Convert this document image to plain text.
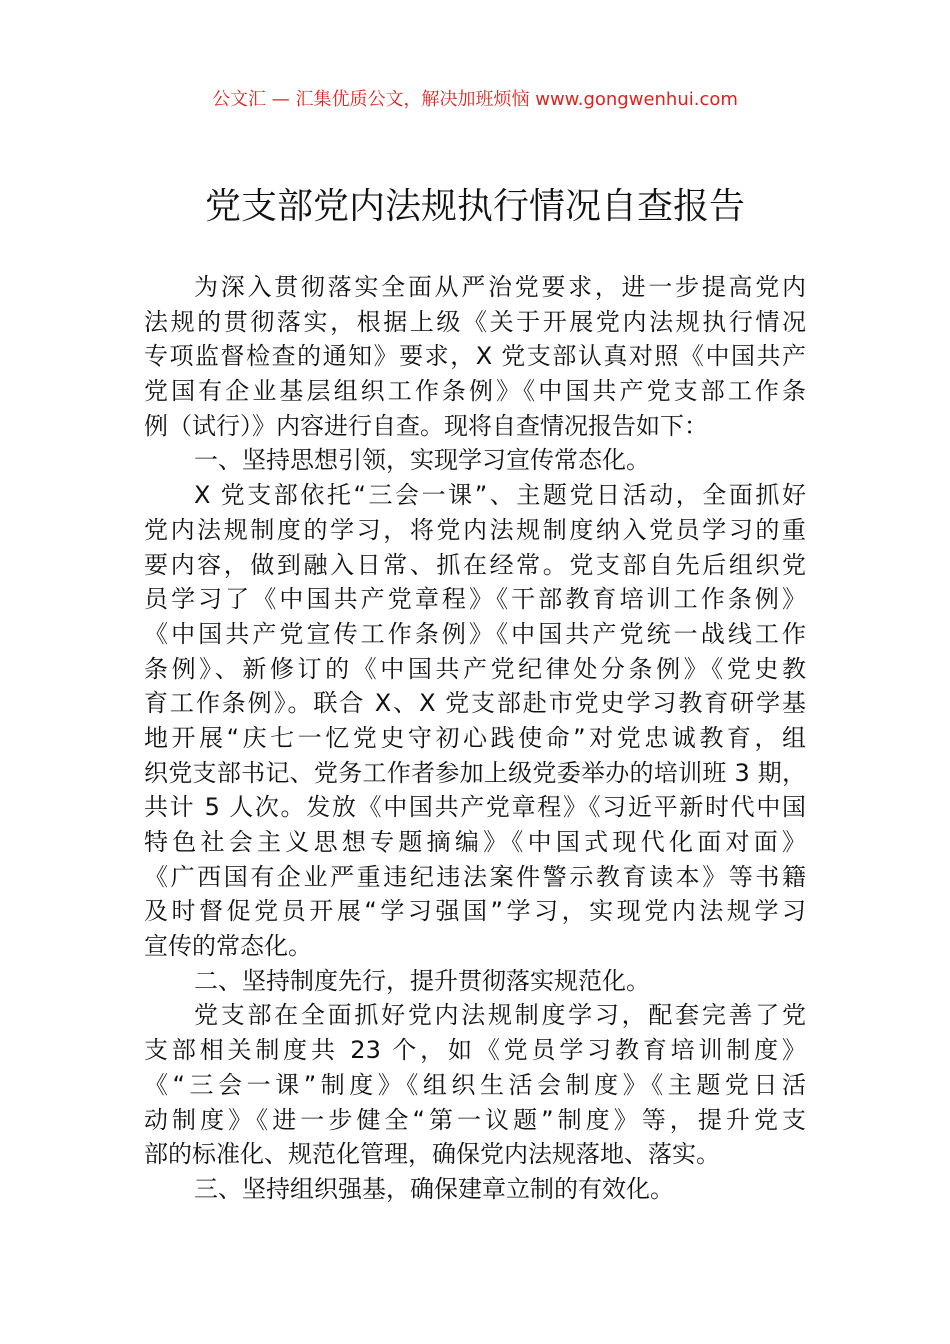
公文汇 — 汇集优质公文，解决加班烦恼 www.gongwenhui.com
党支部党内法规执行情况自查报告
为深入贯彻落实全面从严治党要求，进一步提高党内
法规的贯彻落实，根据上级《关于开展党内法规执行情况
专项监督检查的通知》要求，X 党支部认真对照《中国共产
党国有企业基层组织工作条例》《中国共产党支部工作条
例（试行）》内容进行自查。现将自查情况报告如下：
一、坚持思想引领，实现学习宣传常态化。
X 党支部依托“三会一课”、主题党日活动，全面抓好
党内法规制度的学习，将党内法规制度纳入党员学习的重
要内容，做到融入日常、抓在经常。党支部自先后组织党
员学习了《中国共产党章程》《干部教育培训工作条例》
《中国共产党宣传工作条例》《中国共产党统一战线工作
条例》、新修订的《中国共产党纪律处分条例》《党史教
育工作条例》。联合 X、X 党支部赴市党史学习教育研学基
地开展“庆七一忆党史守初心践使命”对党忠诚教育，组
织党支部书记、党务工作者参加上级党委举办的培训班 3 期，
共计 5 人次。发放《中国共产党章程》《习近平新时代中国
特色社会主义思想专题摘编》《中国式现代化面对面》
《广西国有企业严重违纪违法案件警示教育读本》等书籍
及时督促党员开展“学习强国”学习，实现党内法规学习
宣传的常态化。
二、坚持制度先行，提升贯彻落实规范化。
党支部在全面抓好党内法规制度学习，配套完善了党
支部相关制度共 23 个，如《党员学习教育培训制度》
《“三会一课”制度》《组织生活会制度》《主题党日活
动制度》《进一步健全“第一议题”制度》等，提升党支
部的标准化、规范化管理，确保党内法规落地、落实。
三、坚持组织强基，确保建章立制的有效化。
